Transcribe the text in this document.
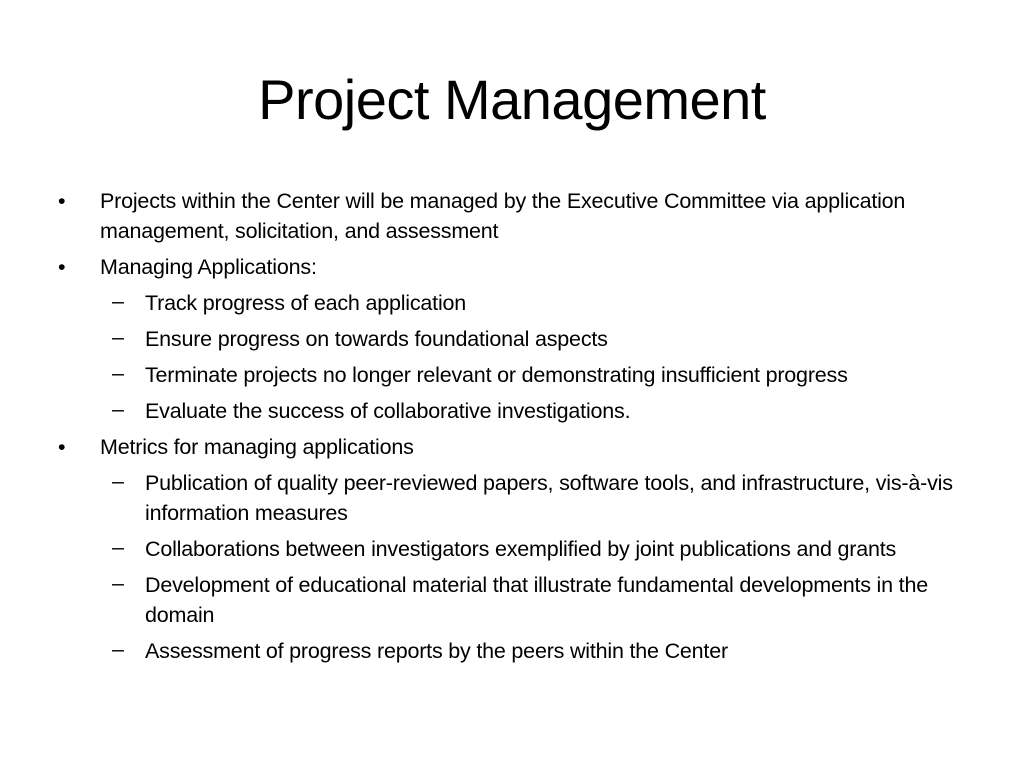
Project Management
•	Projects within the Center will be managed by the Executive Committee via application management, solicitation, and assessment
•	Managing Applications:
– Track progress of each application
– Ensure progress on towards foundational aspects
– Terminate projects no longer relevant or demonstrating insufficient progress
– Evaluate the success of collaborative investigations.
•	Metrics for managing applications
– Publication of quality peer-reviewed papers, software tools, and infrastructure, vis-à-vis information measures
– Collaborations between investigators exemplified by joint publications and grants
– Development of educational material that illustrate fundamental developments in the domain
– Assessment of progress reports by the peers within the Center
